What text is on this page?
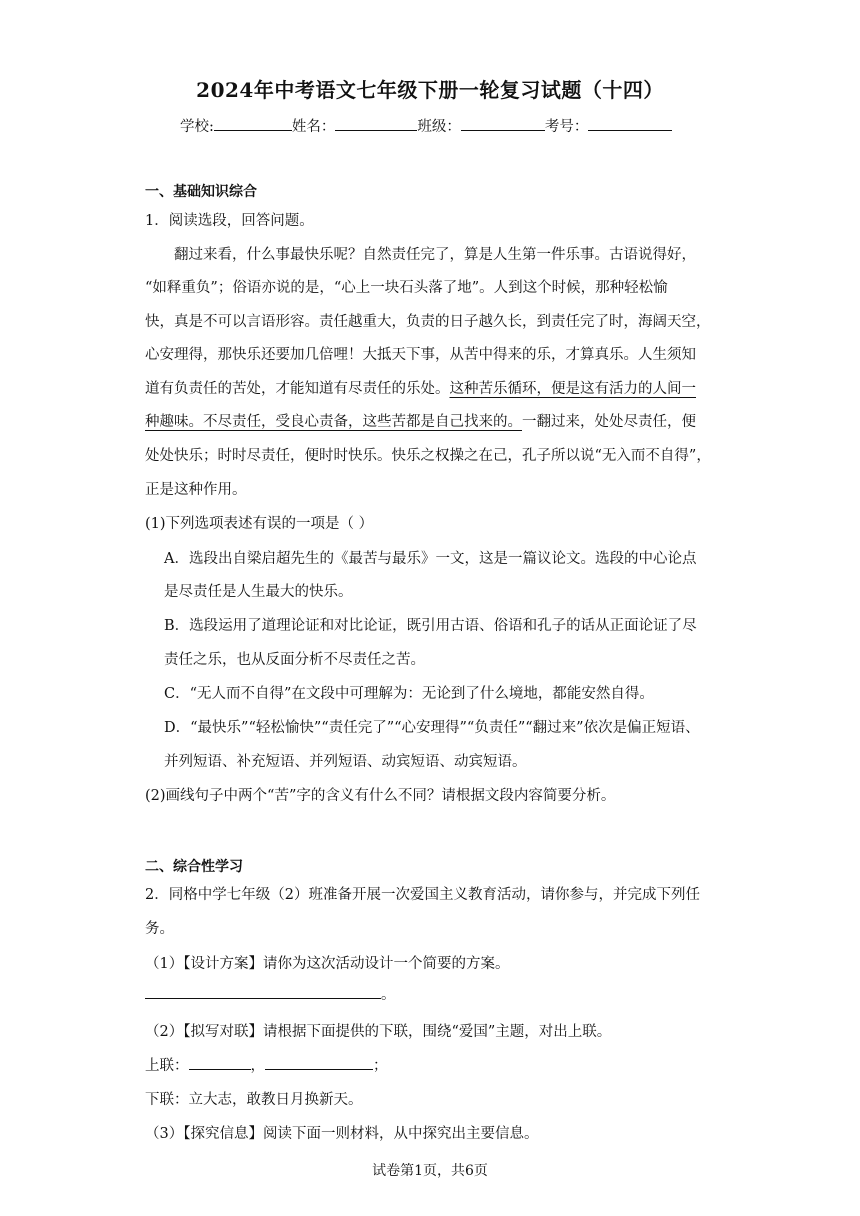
2024年中考语文七年级下册一轮复习试题（十四）
学校:	姓名：	班级：	考号：
一、基础知识综合
1．阅读选段，回答问题。
翻过来看，什么事最快乐呢？自然责任完了，算是人生第一件乐事。古语说得好，
“如释重负”；俗语亦说的是，“心上一块石头落了地”。人到这个时候，那种轻松愉
快，真是不可以言语形容。责任越重大，负责的日子越久长，到责任完了时，海阔天空，
心安理得，那快乐还要加几倍哩！大抵天下事，从苦中得来的乐，才算真乐。人生须知
道有负责任的苦处，才能知道有尽责任的乐处。这种苦乐循环，便是这有活力的人间一
种趣味。不尽责任，受良心责备，这些苦都是自己找来的。一翻过来，处处尽责任，便
处处快乐；时时尽责任，便时时快乐。快乐之权操之在己，孔子所以说“无入而不自得”，
正是这种作用。
(1)下列选项表述有误的一项是（ ）
A．选段出自梁启超先生的《最苦与最乐》一文，这是一篇议论文。选段的中心论点
是尽责任是人生最大的快乐。
B．选段运用了道理论证和对比论证，既引用古语、俗语和孔子的话从正面论证了尽
责任之乐，也从反面分析不尽责任之苦。
C．“无人而不自得”在文段中可理解为：无论到了什么境地，都能安然自得。
D．“最快乐”“轻松愉快”“责任完了”“心安理得”“负责任”“翻过来”依次是偏正短语、
并列短语、补充短语、并列短语、动宾短语、动宾短语。
(2)画线句子中两个“苦”字的含义有什么不同？请根据文段内容简要分析。
二、综合性学习
2．同格中学七年级（2）班准备开展一次爱国主义教育活动，请你参与，并完成下列任
务。
（1）【设计方案】请你为这次活动设计一个简要的方案。
。
（2）【拟写对联】请根据下面提供的下联，围绕“爱国”主题，对出上联。
上联：	，	；
下联：立大志，敢教日月换新天。
（3）【探究信息】阅读下面一则材料，从中探究出主要信息。
试卷第1页，共6页
